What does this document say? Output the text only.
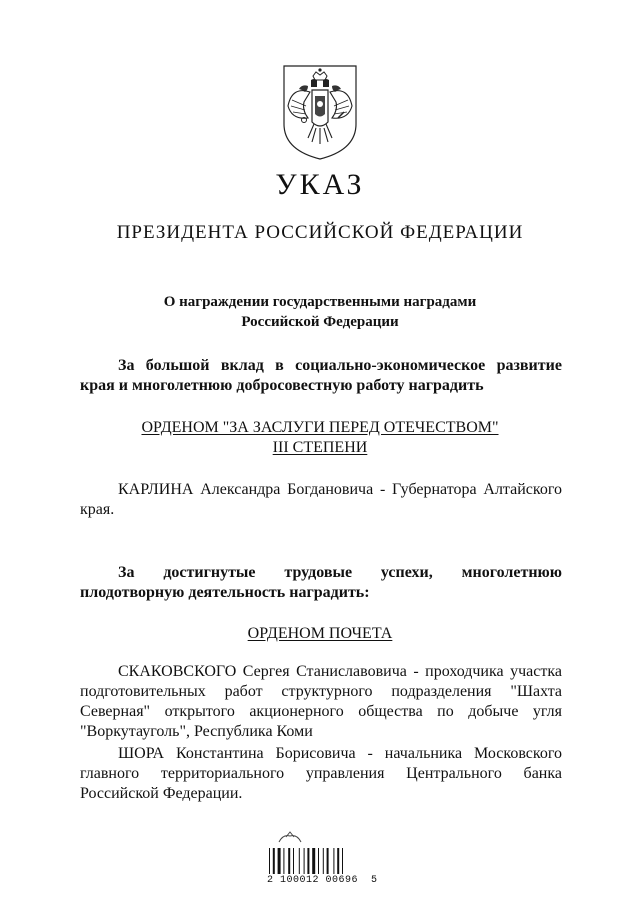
УКАЗ
ПРЕЗИДЕНТА РОССИЙСКОЙ ФЕДЕРАЦИИ
О награждении государственными наградами
Российской Федерации
За большой вклад в социально-экономическое развитие
края и многолетнюю добросовестную работу наградить
ОРДЕНОМ "ЗА ЗАСЛУГИ ПЕРЕД ОТЕЧЕСТВОМ"
III СТЕПЕНИ
КАРЛИНА Александра Богдановича - Губернатора Алтайского края.
За достигнутые трудовые успехи, многолетнюю
плодотворную деятельность наградить:
ОРДЕНОМ ПОЧЕТА
СКАКОВСКОГО Сергея Станиславовича - проходчика участка подготовительных работ структурного подразделения "Шахта Северная" открытого акционерного общества по добыче угля "Воркутауголь", Республика Коми
ШОРА Константина Борисовича - начальника Московского главного территориального управления Центрального банка Российской Федерации.
2 100012 00696  5
